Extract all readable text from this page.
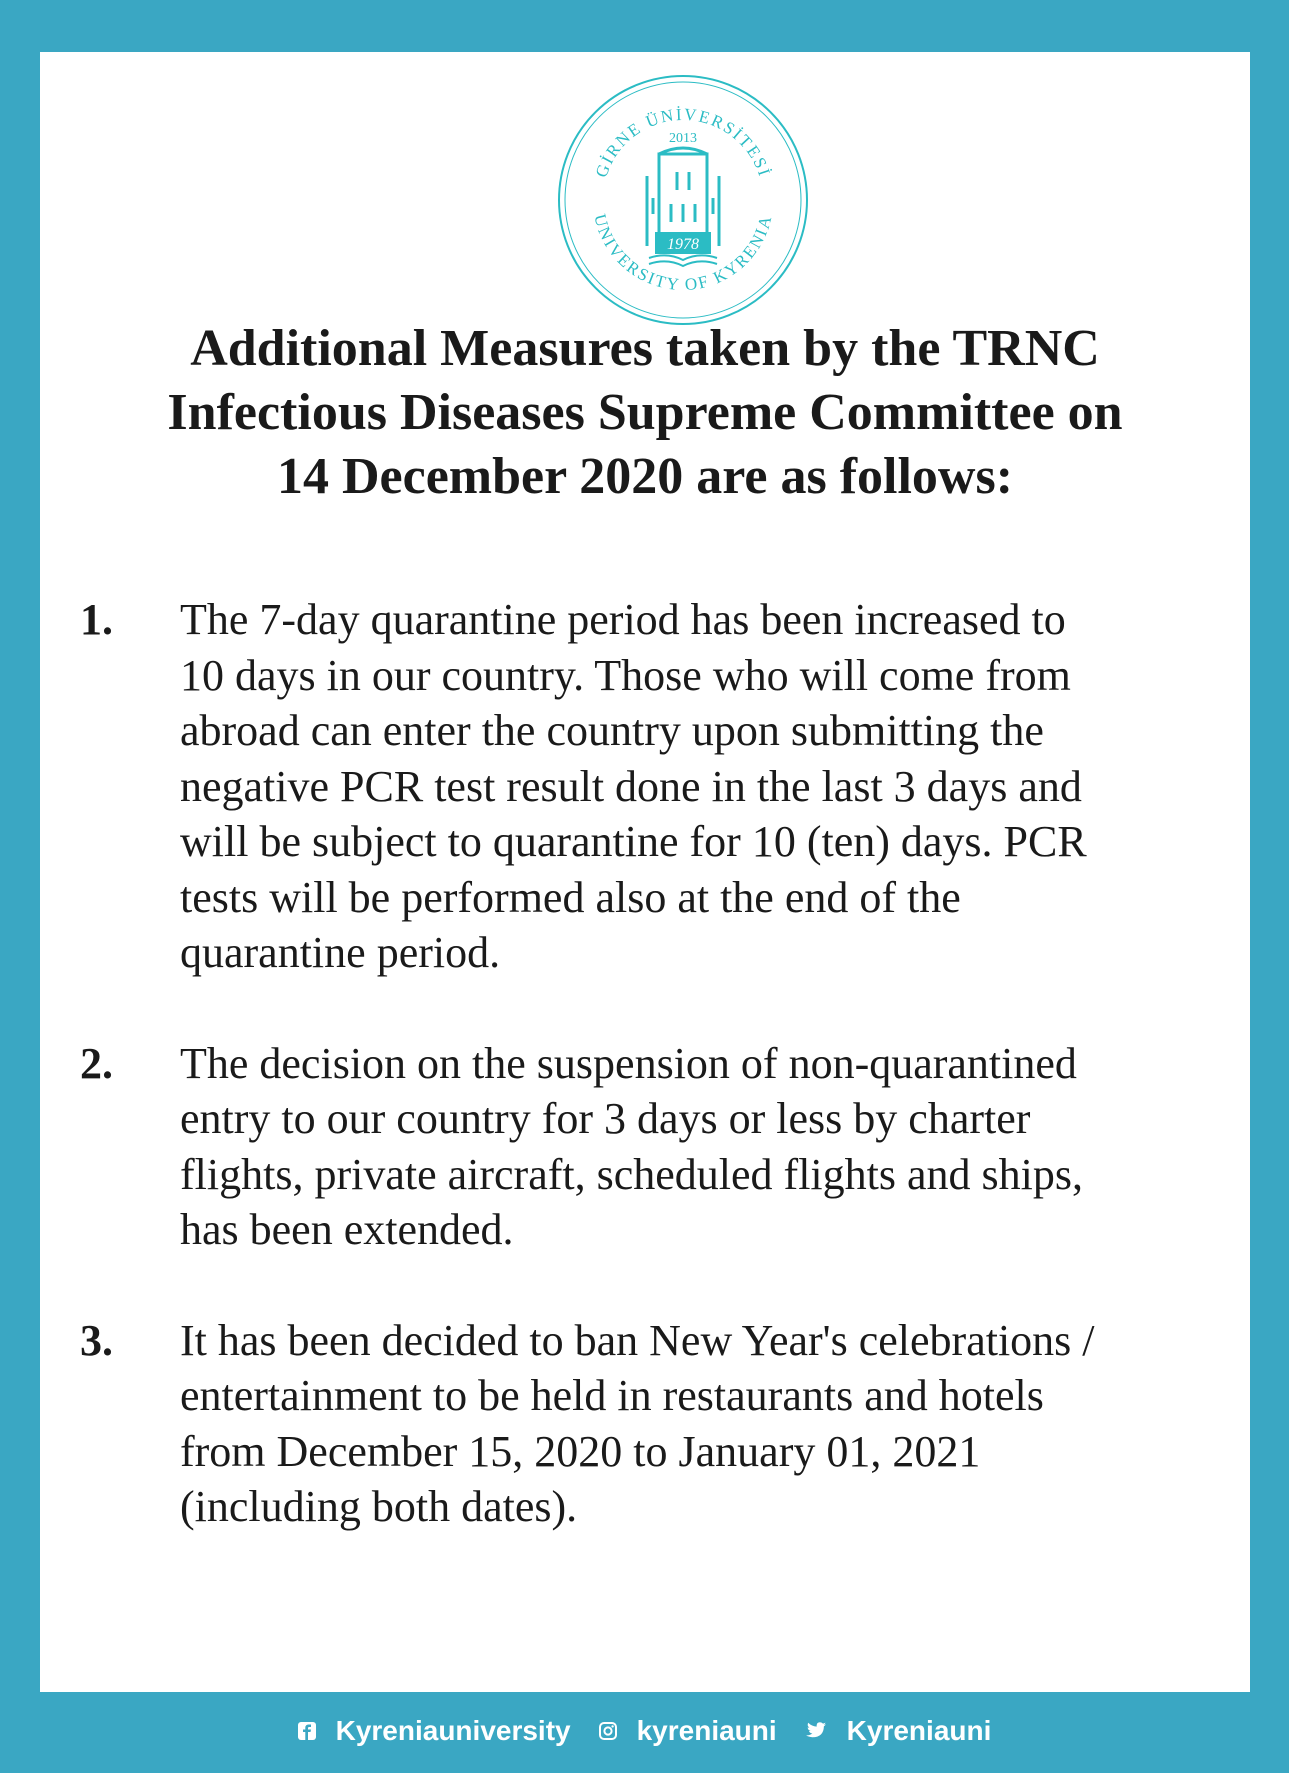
GİRNE ÜNİVERSİTESİ
2013
1978
UNIVERSITY OF KYRENIA
Additional Measures taken by the TRNC
Infectious Diseases Supreme Committee on
14 December 2020 are as follows:
1. The 7-day quarantine period has been increased to
10 days in our country. Those who will come from
abroad can enter the country upon submitting the
negative PCR test result done in the last 3 days and
will be subject to quarantine for 10 (ten) days. PCR
tests will be performed also at the end of the
quarantine period.
2. The decision on the suspension of non-quarantined
entry to our country for 3 days or less by charter
flights, private aircraft, scheduled flights and ships,
has been extended.
3. It has been decided to ban New Year's celebrations /
entertainment to be held in restaurants and hotels
from December 15, 2020 to January 01, 2021
(including both dates).
Kyreniauniversity kyreniauni	Kyreniauni
